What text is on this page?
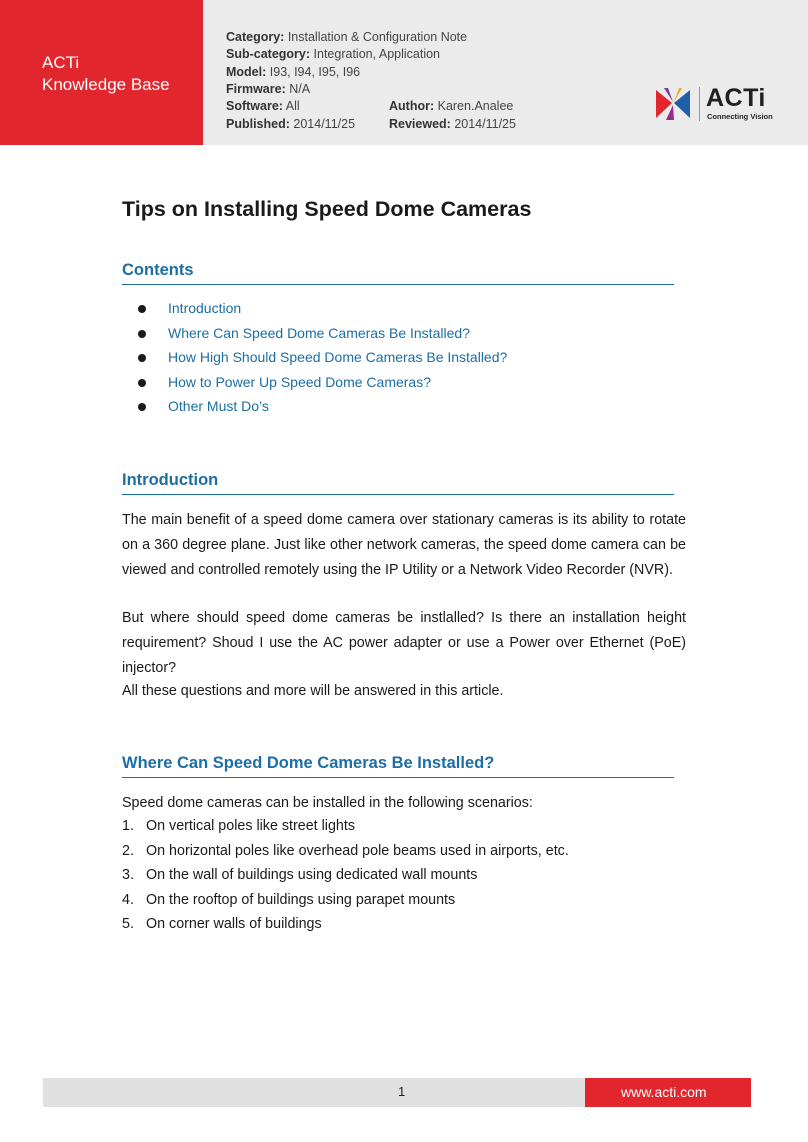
ACTi
Knowledge Base
Category: Installation & Configuration Note
Sub-category: Integration, Application
Model: I93, I94, I95, I96
Firmware: N/A
Software: All	Author: Karen.Analee
Published: 2014/11/25	Reviewed: 2014/11/25
ACTi
Connecting Vision
Tips on Installing Speed Dome Cameras
Contents
Introduction
Where Can Speed Dome Cameras Be Installed?
How High Should Speed Dome Cameras Be Installed?
How to Power Up Speed Dome Cameras?
Other Must Do’s
Introduction

The main benefit of a speed dome camera over stationary cameras is its ability to rotate on a 360 degree plane. Just like other network cameras, the speed dome camera can be viewed and controlled remotely using the IP Utility or a Network Video Recorder (NVR).

But where should speed dome cameras be instlalled? Is there an installation height requirement? Shoud I use the AC power adapter or use a Power over Ethernet (PoE) injector?

All these questions and more will be answered in this article.

Where Can Speed Dome Cameras Be Installed?

Speed dome cameras can be installed in the following scenarios:

1. On vertical poles like street lights
2. On horizontal poles like overhead pole beams used in airports, etc.
3. On the wall of buildings using dedicated wall mounts
4. On the rooftop of buildings using parapet mounts
5. On corner walls of buildings
1	www.acti.com
